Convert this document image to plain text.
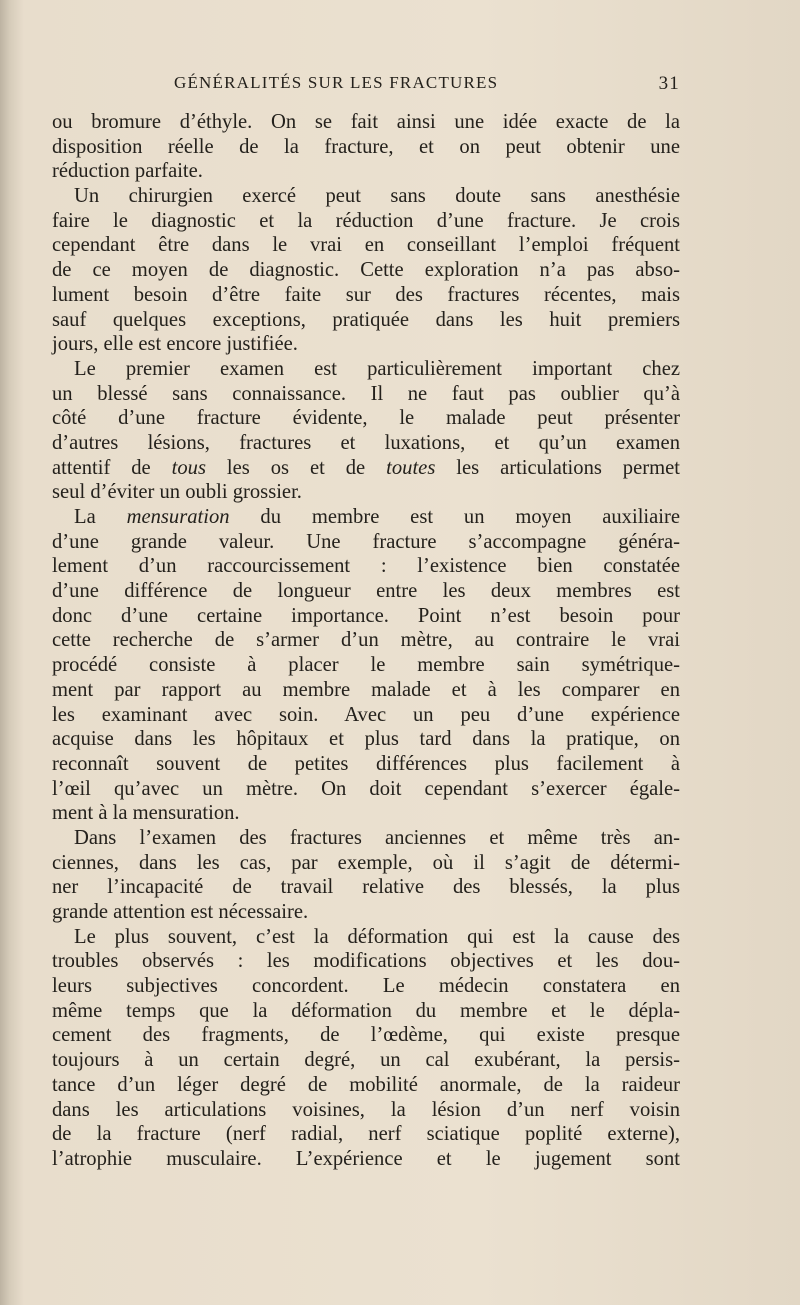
GÉNÉRALITÉS SUR LES FRACTURES	31
ou bromure d’éthyle. On se fait ainsi une idée exacte de la
disposition réelle de la fracture, et on peut obtenir une
réduction parfaite.
Un chirurgien exercé peut sans doute sans anesthésie
faire le diagnostic et la réduction d’une fracture. Je crois
cependant être dans le vrai en conseillant l’emploi fréquent
de ce moyen de diagnostic. Cette exploration n’a pas abso-
lument besoin d’être faite sur des fractures récentes, mais
sauf quelques exceptions, pratiquée dans les huit premiers
jours, elle est encore justifiée.
Le premier examen est particulièrement important chez
un blessé sans connaissance. Il ne faut pas oublier qu’à
côté d’une fracture évidente, le malade peut présenter
d’autres lésions, fractures et luxations, et qu’un examen
attentif de tous les os et de toutes les articulations permet
seul d’éviter un oubli grossier.
La mensuration du membre est un moyen auxiliaire
d’une grande valeur. Une fracture s’accompagne généra-
lement d’un raccourcissement : l’existence bien constatée
d’une différence de longueur entre les deux membres est
donc d’une certaine importance. Point n’est besoin pour
cette recherche de s’armer d’un mètre, au contraire le vrai
procédé consiste à placer le membre sain symétrique-
ment par rapport au membre malade et à les comparer en
les examinant avec soin. Avec un peu d’une expérience
acquise dans les hôpitaux et plus tard dans la pratique, on
reconnaît souvent de petites différences plus facilement à
l’œil qu’avec un mètre. On doit cependant s’exercer égale-
ment à la mensuration.
Dans l’examen des fractures anciennes et même très an-
ciennes, dans les cas, par exemple, où il s’agit de détermi-
ner l’incapacité de travail relative des blessés, la plus
grande attention est nécessaire.
Le plus souvent, c’est la déformation qui est la cause des
troubles observés : les modifications objectives et les dou-
leurs subjectives concordent. Le médecin constatera en
même temps que la déformation du membre et le dépla-
cement des fragments, de l’œdème, qui existe presque
toujours à un certain degré, un cal exubérant, la persis-
tance d’un léger degré de mobilité anormale, de la raideur
dans les articulations voisines, la lésion d’un nerf voisin
de la fracture (nerf radial, nerf sciatique poplité externe),
l’atrophie musculaire. L’expérience et le jugement sont
